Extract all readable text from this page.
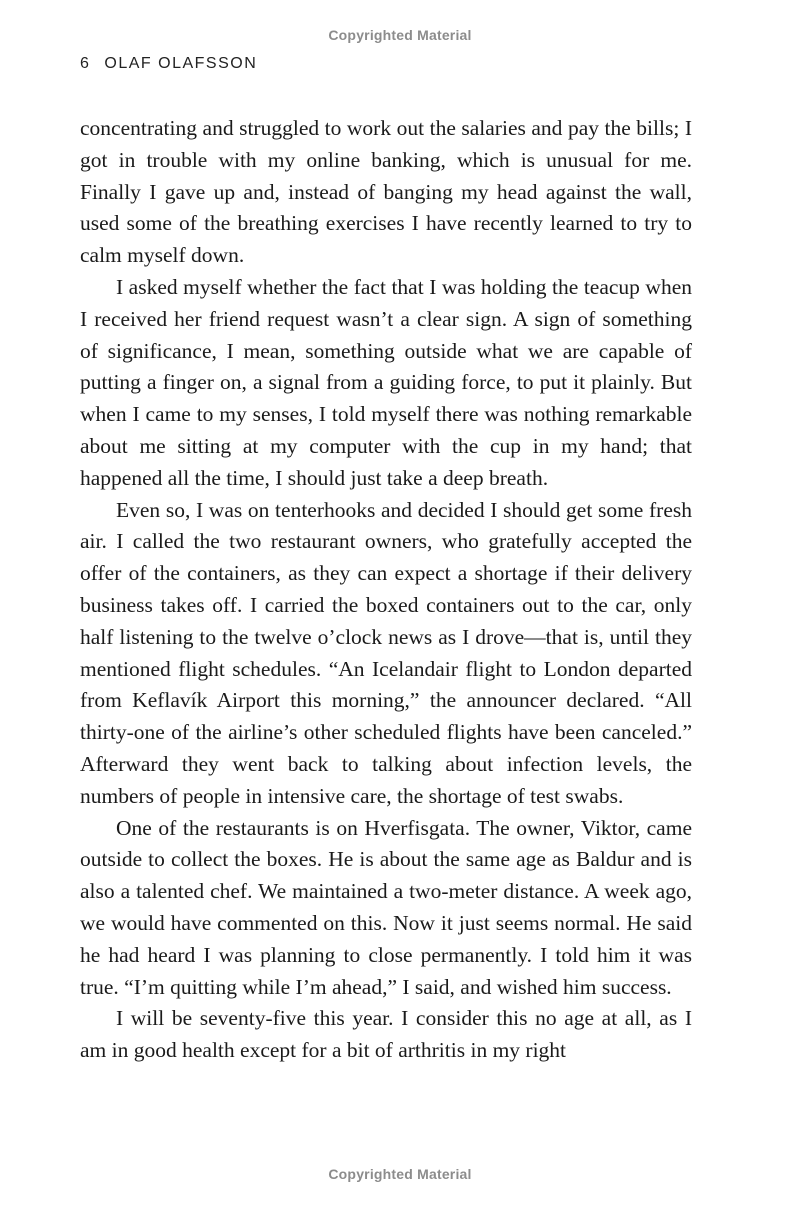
Copyrighted Material
6 OLAF OLAFSSON

concentrating and struggled to work out the salaries and pay the bills; I got in trouble with my online banking, which is unusual for me. Finally I gave up and, instead of banging my head against the wall, used some of the breathing exercises I have recently learned to try to calm myself down.

I asked myself whether the fact that I was holding the teacup when I received her friend request wasn’t a clear sign. A sign of something of significance, I mean, something outside what we are capable of putting a finger on, a signal from a guiding force, to put it plainly. But when I came to my senses, I told myself there was nothing remarkable about me sitting at my computer with the cup in my hand; that happened all the time, I should just take a deep breath.

Even so, I was on tenterhooks and decided I should get some fresh air. I called the two restaurant owners, who gratefully accepted the offer of the containers, as they can expect a shortage if their delivery business takes off. I carried the boxed containers out to the car, only half listening to the twelve o’clock news as I drove—that is, until they mentioned flight schedules. “An Icelandair flight to London departed from Keflavík Airport this morning,” the announcer declared. “All thirty-one of the airline’s other scheduled flights have been canceled.” Afterward they went back to talking about infection levels, the numbers of people in intensive care, the shortage of test swabs.

One of the restaurants is on Hverfisgata. The owner, Viktor, came outside to collect the boxes. He is about the same age as Baldur and is also a talented chef. We maintained a two-meter distance. A week ago, we would have commented on this. Now it just seems normal. He said he had heard I was planning to close permanently. I told him it was true. “I’m quitting while I’m ahead,” I said, and wished him success.

I will be seventy-five this year. I consider this no age at all, as I am in good health except for a bit of arthritis in my right

Copyrighted Material
